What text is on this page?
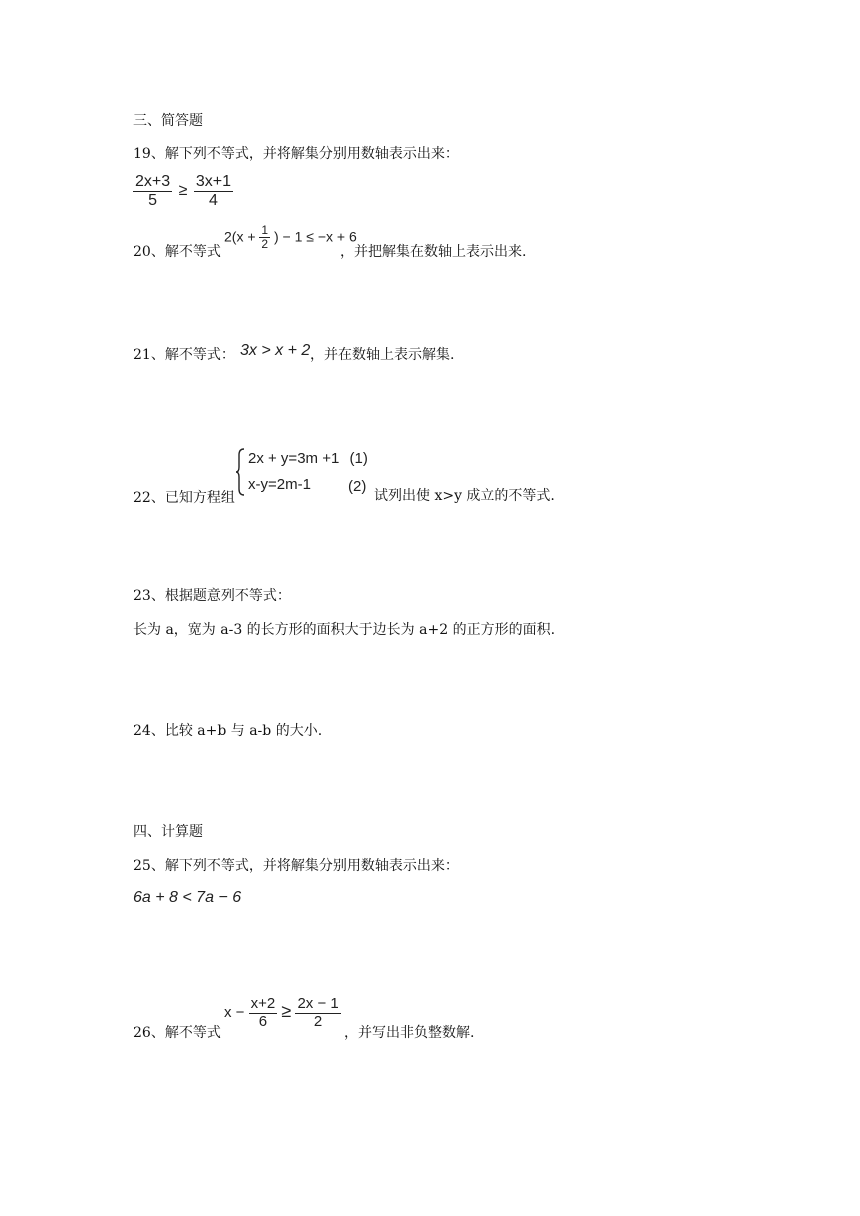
三、简答题
19、解下列不等式，并将解集分别用数轴表示出来：
$\frac{2x+3}{5} \ge \frac{3x+1}{4}$
20、解不等式
$2(x + \frac{1}{2}$ ) − 1 ≤ −x + 6
，并把解集在数轴上表示出来.
21、解不等式： 3x > x + 2 ，并在数轴上表示解集.
22、已知方程组
2x + y=3m +1 (1)
x-y=2m-1 (2)
试列出使 x>y 成立的不等式.
23、根据题意列不等式：
长为 a，宽为 a-3 的长方形的面积大于边长为 a+2 的正方形的面积.
24、比较 a+b 与 a-b 的大小.
四、计算题
25、解下列不等式，并将解集分别用数轴表示出来：
6a + 8 < 7a − 6
26、解不等式
$x - \frac{x+2}{6} \ge \frac{2x - 1}{2}$
，并写出非负整数解.
